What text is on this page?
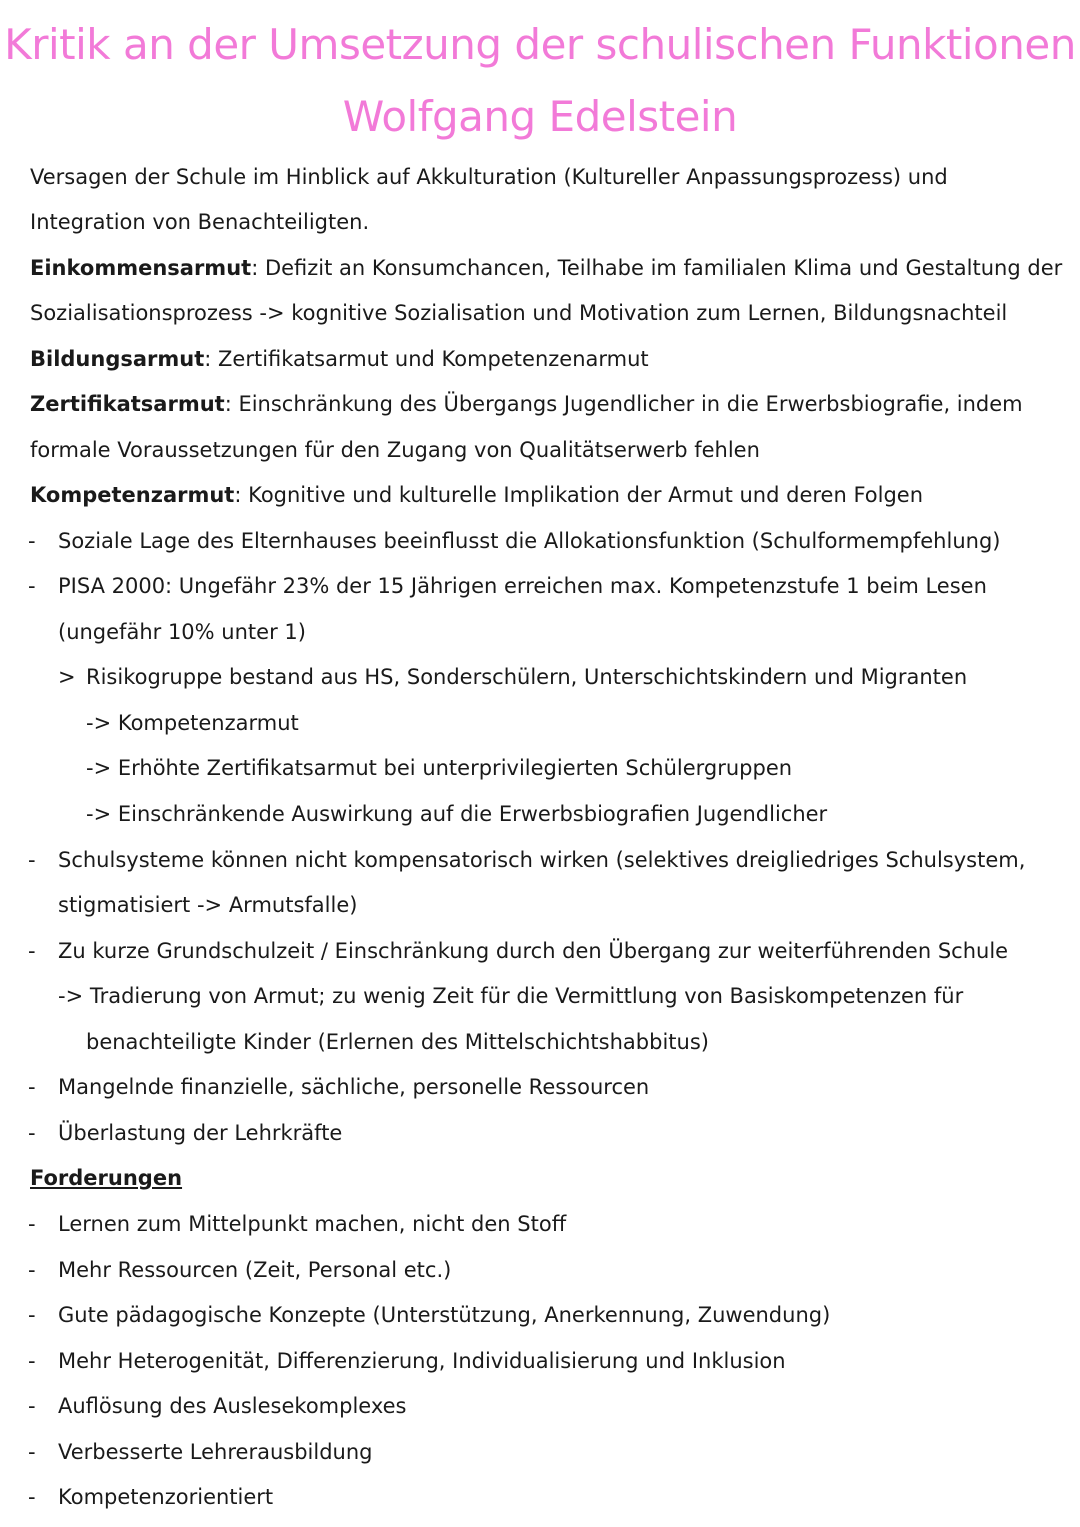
Kritik an der Umsetzung der schulischen Funktionen
Wolfgang Edelstein
Versagen der Schule im Hinblick auf Akkulturation (Kultureller Anpassungsprozess) und
Integration von Benachteiligten.
Einkommensarmut: Defizit an Konsumchancen, Teilhabe im familialen Klima und Gestaltung der
Sozialisationsprozess -> kognitive Sozialisation und Motivation zum Lernen, Bildungsnachteil
Bildungsarmut: Zertifikatsarmut und Kompetenzenarmut
Zertifikatsarmut: Einschränkung des Übergangs Jugendlicher in die Erwerbsbiografie, indem
formale Voraussetzungen für den Zugang von Qualitätserwerb fehlen
Kompetenzarmut: Kognitive und kulturelle Implikation der Armut und deren Folgen
- Soziale Lage des Elternhauses beeinflusst die Allokationsfunktion (Schulformempfehlung)
- PISA 2000: Ungefähr 23% der 15 Jährigen erreichen max. Kompetenzstufe 1 beim Lesen
(ungefähr 10% unter 1)
> Risikogruppe bestand aus HS, Sonderschülern, Unterschichtskindern und Migranten
-> Kompetenzarmut
-> Erhöhte Zertifikatsarmut bei unterprivilegierten Schülergruppen
-> Einschränkende Auswirkung auf die Erwerbsbiografien Jugendlicher
- Schulsysteme können nicht kompensatorisch wirken (selektives dreigliedriges Schulsystem,
stigmatisiert -> Armutsfalle)
- Zu kurze Grundschulzeit / Einschränkung durch den Übergang zur weiterführenden Schule
-> Tradierung von Armut; zu wenig Zeit für die Vermittlung von Basiskompetenzen für
benachteiligte Kinder (Erlernen des Mittelschichtshabbitus)
- Mangelnde finanzielle, sächliche, personelle Ressourcen
- Überlastung der Lehrkräfte
Forderungen
- Lernen zum Mittelpunkt machen, nicht den Stoff
- Mehr Ressourcen (Zeit, Personal etc.)
- Gute pädagogische Konzepte (Unterstützung, Anerkennung, Zuwendung)
- Mehr Heterogenität, Differenzierung, Individualisierung und Inklusion
- Auflösung des Auslesekomplexes
- Verbesserte Lehrerausbildung
- Kompetenzorientiert
